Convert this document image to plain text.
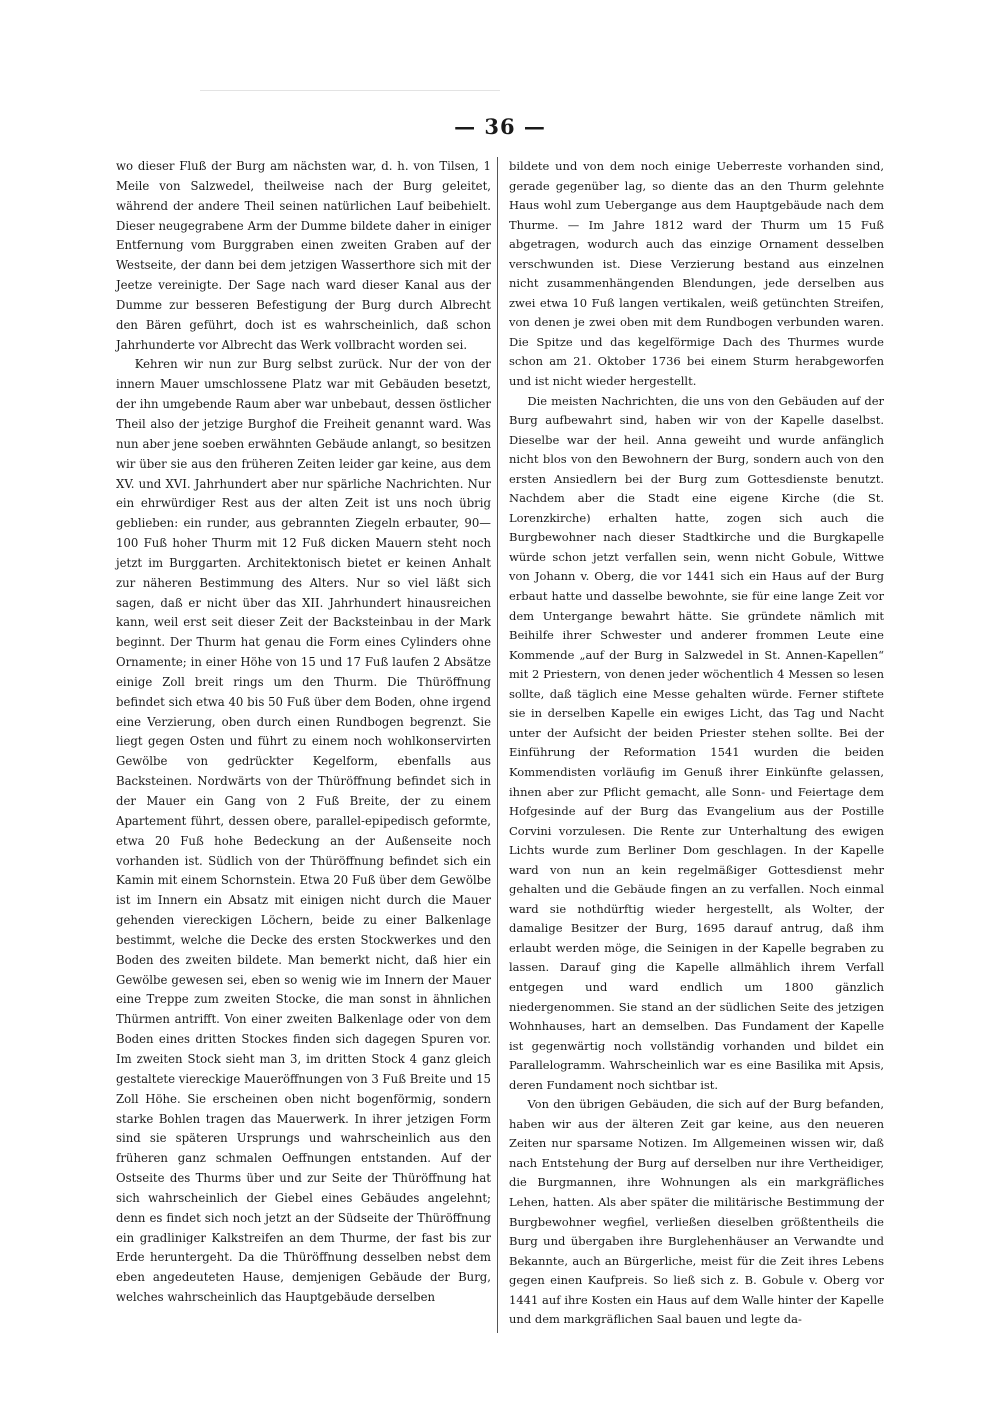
— 36 —

wo dieser Fluß der Burg am nächsten war, d. h. von Tilsen, 1 Meile von Salzwedel, theilweise nach der Burg geleitet, während der andere Theil seinen natürlichen Lauf beibehielt. Dieser neugegrabene Arm der Dumme bildete daher in einiger Entfernung vom Burggraben einen zweiten Graben auf der Westseite, der dann bei dem jetzigen Wasserthore sich mit der Jeetze vereinigte. Der Sage nach ward dieser Kanal aus der Dumme zur besseren Befestigung der Burg durch Albrecht den Bären geführt, doch ist es wahrscheinlich, daß schon Jahrhunderte vor Albrecht das Werk vollbracht worden sei.

Kehren wir nun zur Burg selbst zurück. Nur der von der innern Mauer umschlossene Platz war mit Gebäuden besetzt, der ihn umgebende Raum aber war unbebaut, dessen östlicher Theil also der jetzige Burghof die Freiheit genannt ward. Was nun aber jene soeben erwähnten Gebäude anlangt, so besitzen wir über sie aus den früheren Zeiten leider gar keine, aus dem XV. und XVI. Jahrhundert aber nur spärliche Nachrichten. Nur ein ehrwürdiger Rest aus der alten Zeit ist uns noch übrig geblieben: ein runder, aus gebrannten Ziegeln erbauter, 90—100 Fuß hoher Thurm mit 12 Fuß dicken Mauern steht noch jetzt im Burggarten. Architektonisch bietet er keinen Anhalt zur näheren Bestimmung des Alters. Nur so viel läßt sich sagen, daß er nicht über das XII. Jahrhundert hinausreichen kann, weil erst seit dieser Zeit der Backsteinbau in der Mark beginnt. Der Thurm hat genau die Form eines Cylinders ohne Ornamente; in einer Höhe von 15 und 17 Fuß laufen 2 Absätze einige Zoll breit rings um den Thurm. Die Thüröffnung befindet sich etwa 40 bis 50 Fuß über dem Boden, ohne irgend eine Verzierung, oben durch einen Rundbogen begrenzt. Sie liegt gegen Osten und führt zu einem noch wohlkonservirten Gewölbe von gedrückter Kegelform, ebenfalls aus Backsteinen. Nordwärts von der Thüröffnung befindet sich in der Mauer ein Gang von 2 Fuß Breite, der zu einem Apartement führt, dessen obere, parallel-epipedisch geformte, etwa 20 Fuß hohe Bedeckung an der Außenseite noch vorhanden ist. Südlich von der Thüröffnung befindet sich ein Kamin mit einem Schornstein. Etwa 20 Fuß über dem Gewölbe ist im Innern ein Absatz mit einigen nicht durch die Mauer gehenden viereckigen Löchern, beide zu einer Balkenlage bestimmt, welche die Decke des ersten Stockwerkes und den Boden des zweiten bildete. Man bemerkt nicht, daß hier ein Gewölbe gewesen sei, eben so wenig wie im Innern der Mauer eine Treppe zum zweiten Stocke, die man sonst in ähnlichen Thürmen antrifft. Von einer zweiten Balkenlage oder von dem Boden eines dritten Stockes finden sich dagegen Spuren vor. Im zweiten Stock sieht man 3, im dritten Stock 4 ganz gleich gestaltete viereckige Maueröffnungen von 3 Fuß Breite und 15 Zoll Höhe. Sie erscheinen oben nicht bogenförmig, sondern starke Bohlen tragen das Mauerwerk. In ihrer jetzigen Form sind sie späteren Ursprungs und wahrscheinlich aus den früheren ganz schmalen Oeffnungen entstanden. Auf der Ostseite des Thurms über und zur Seite der Thüröffnung hat sich wahrscheinlich der Giebel eines Gebäudes angelehnt; denn es findet sich noch jetzt an der Südseite der Thüröffnung ein gradliniger Kalkstreifen an dem Thurme, der fast bis zur Erde heruntergeht. Da die Thüröffnung desselben nebst dem eben angedeuteten Hause, demjenigen Gebäude der Burg, welches wahrscheinlich das Hauptgebäude derselben

bildete und von dem noch einige Ueberreste vorhanden sind, gerade gegenüber lag, so diente das an den Thurm gelehnte Haus wohl zum Uebergange aus dem Hauptgebäude nach dem Thurme. — Im Jahre 1812 ward der Thurm um 15 Fuß abgetragen, wodurch auch das einzige Ornament desselben verschwunden ist. Diese Verzierung bestand aus einzelnen nicht zusammenhängenden Blendungen, jede derselben aus zwei etwa 10 Fuß langen vertikalen, weiß getünchten Streifen, von denen je zwei oben mit dem Rundbogen verbunden waren. Die Spitze und das kegelförmige Dach des Thurmes wurde schon am 21. Oktober 1736 bei einem Sturm herabgeworfen und ist nicht wieder hergestellt.

Die meisten Nachrichten, die uns von den Gebäuden auf der Burg aufbewahrt sind, haben wir von der Kapelle daselbst. Dieselbe war der heil. Anna geweiht und wurde anfänglich nicht blos von den Bewohnern der Burg, sondern auch von den ersten Ansiedlern bei der Burg zum Gottesdienste benutzt. Nachdem aber die Stadt eine eigene Kirche (die St. Lorenzkirche) erhalten hatte, zogen sich auch die Burgbewohner nach dieser Stadtkirche und die Burgkapelle würde schon jetzt verfallen sein, wenn nicht Gobule, Wittwe von Johann v. Oberg, die vor 1441 sich ein Haus auf der Burg erbaut hatte und dasselbe bewohnte, sie für eine lange Zeit vor dem Untergange bewahrt hätte. Sie gründete nämlich mit Beihilfe ihrer Schwester und anderer frommen Leute eine Kommende „auf der Burg in Salzwedel in St. Annen-Kapellen“ mit 2 Priestern, von denen jeder wöchentlich 4 Messen so lesen sollte, daß täglich eine Messe gehalten würde. Ferner stiftete sie in derselben Kapelle ein ewiges Licht, das Tag und Nacht unter der Aufsicht der beiden Priester stehen sollte. Bei der Einführung der Reformation 1541 wurden die beiden Kommendisten vorläufig im Genuß ihrer Einkünfte gelassen, ihnen aber zur Pflicht gemacht, alle Sonn- und Feiertage dem Hofgesinde auf der Burg das Evangelium aus der Postille Corvini vorzulesen. Die Rente zur Unterhaltung des ewigen Lichts wurde zum Berliner Dom geschlagen. In der Kapelle ward von nun an kein regelmäßiger Gottesdienst mehr gehalten und die Gebäude fingen an zu verfallen. Noch einmal ward sie nothdürftig wieder hergestellt, als Wolter, der damalige Besitzer der Burg, 1695 darauf antrug, daß ihm erlaubt werden möge, die Seinigen in der Kapelle begraben zu lassen. Darauf ging die Kapelle allmählich ihrem Verfall entgegen und ward endlich um 1800 gänzlich niedergenommen. Sie stand an der südlichen Seite des jetzigen Wohnhauses, hart an demselben. Das Fundament der Kapelle ist gegenwärtig noch vollständig vorhanden und bildet ein Parallelogramm. Wahrscheinlich war es eine Basilika mit Apsis, deren Fundament noch sichtbar ist.

Von den übrigen Gebäuden, die sich auf der Burg befanden, haben wir aus der älteren Zeit gar keine, aus den neueren Zeiten nur sparsame Notizen. Im Allgemeinen wissen wir, daß nach Entstehung der Burg auf derselben nur ihre Vertheidiger, die Burgmannen, ihre Wohnungen als ein markgräfliches Lehen, hatten. Als aber später die militärische Bestimmung der Burgbewohner wegfiel, verließen dieselben größtentheils die Burg und übergaben ihre Burglehenhäuser an Verwandte und Bekannte, auch an Bürgerliche, meist für die Zeit ihres Lebens gegen einen Kaufpreis. So ließ sich z. B. Gobule v. Oberg vor 1441 auf ihre Kosten ein Haus auf dem Walle hinter der Kapelle und dem markgräflichen Saal bauen und legte da-
